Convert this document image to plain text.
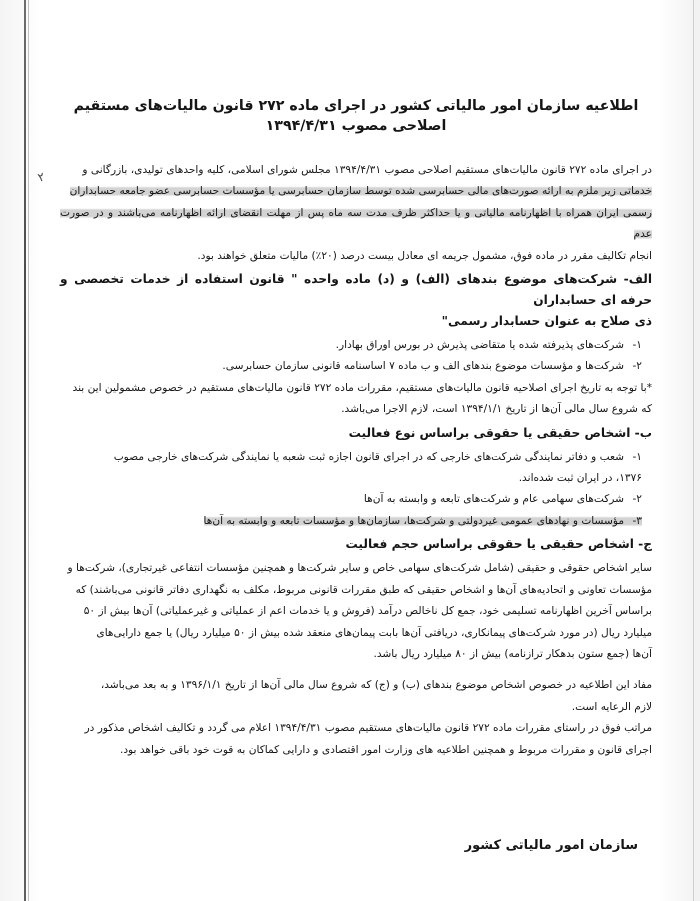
۲
اطلاعیه سازمان امور مالیاتی کشور در اجرای ماده ۲۷۲ قانون مالیات‌های مستقیم اصلاحی مصوب ۱۳۹۴/۴/۳۱

در اجرای ماده ۲۷۲ قانون مالیات‌های مستقیم اصلاحی مصوب ۱۳۹۴/۴/۳۱ مجلس شورای اسلامی، کلیه واحدهای تولیدی، بازرگانی و

خدماتی زیر ملزم به ارائه صورت‌های مالی حسابرسی شده توسط سازمان حسابرسی یا مؤسسات حسابرسی عضو جامعه حسابداران

رسمی ایران همراه با اظهارنامه مالیاتی و یا حداکثر ظرف مدت سه ماه پس از مهلت انقضای ارائه اظهارنامه می‌باشند و در صورت عدم

انجام تکالیف مقرر در ماده فوق، مشمول جریمه ای معادل بیست درصد (۲۰٪) مالیات متعلق خواهند بود.

الف- شرکت‌های موضوع بندهای (الف) و (د) ماده واحده " قانون استفاده از خدمات تخصصی و حرفه ای حسابداران
ذی صلاح به عنوان حسابدار رسمی"

۱-شرکت‌های پذیرفته شده یا متقاضی پذیرش در بورس اوراق بهادار.

۲-شرکت‌ها و مؤسسات موضوع بندهای الف و ب ماده ۷ اساسنامه قانونی سازمان حسابرسی.

*با توجه به تاریخ اجرای اصلاحیه قانون مالیات‌های مستقیم، مقررات ماده ۲۷۲ قانون مالیات‌های مستقیم در خصوص مشمولین این بند

که شروع سال مالی آن‌ها از تاریخ ۱۳۹۴/۱/۱ است، لازم الاجرا می‌باشد.

ب- اشخاص حقیقی یا حقوقی براساس نوع فعالیت

۱-شعب و دفاتر نمایندگی شرکت‌های خارجی که در اجرای قانون اجازه ثبت شعبه یا نمایندگی شرکت‌های خارجی مصوب

۱۳۷۶، در ایران ثبت شده‌اند.

۲-شرکت‌های سهامی عام و شرکت‌های تابعه و وابسته به آن‌ها

۳-مؤسسات و نهادهای عمومی غیردولتی و شرکت‌ها، سازمان‌ها و مؤسسات تابعه و وابسته به آن‌ها

ج- اشخاص حقیقی یا حقوقی براساس حجم فعالیت

سایر اشخاص حقوقی و حقیقی (شامل شرکت‌های سهامی خاص و سایر شرکت‌ها و همچنین مؤسسات انتفاعی غیرتجاری)، شرکت‌ها و

مؤسسات تعاونی و اتحادیه‌های آن‌ها و اشخاص حقیقی که طبق مقررات قانونی مربوط، مکلف به نگهداری دفاتر قانونی می‌باشند) که

براساس آخرین اظهارنامه تسلیمی خود، جمع کل ناخالص درآمد (فروش و یا خدمات اعم از عملیاتی و غیرعملیاتی) آن‌ها بیش از ۵۰

میلیارد ریال (در مورد شرکت‌های پیمانکاری، دریافتی آن‌ها بابت پیمان‌های منعقد شده بیش از ۵۰ میلیارد ریال) یا جمع دارایی‌های

آن‌ها (جمع ستون بدهکار ترازنامه) بیش از ۸۰ میلیارد ریال باشد.

مفاد این اطلاعیه در خصوص اشخاص موضوع بندهای (ب) و (ج) که شروع سال مالی آن‌ها از تاریخ ۱۳۹۶/۱/۱ و به بعد می‌باشد،

لازم الرعایه است.

مراتب فوق در راستای مقررات ماده ۲۷۲ قانون مالیات‌های مستقیم مصوب ۱۳۹۴/۴/۳۱ اعلام می گردد و تکالیف اشخاص مذکور در

اجرای قانون و مقررات مربوط و همچنین اطلاعیه های وزارت امور اقتصادی و دارایی کماکان به قوت خود باقی خواهد بود.

سازمان امور مالیاتی کشور
